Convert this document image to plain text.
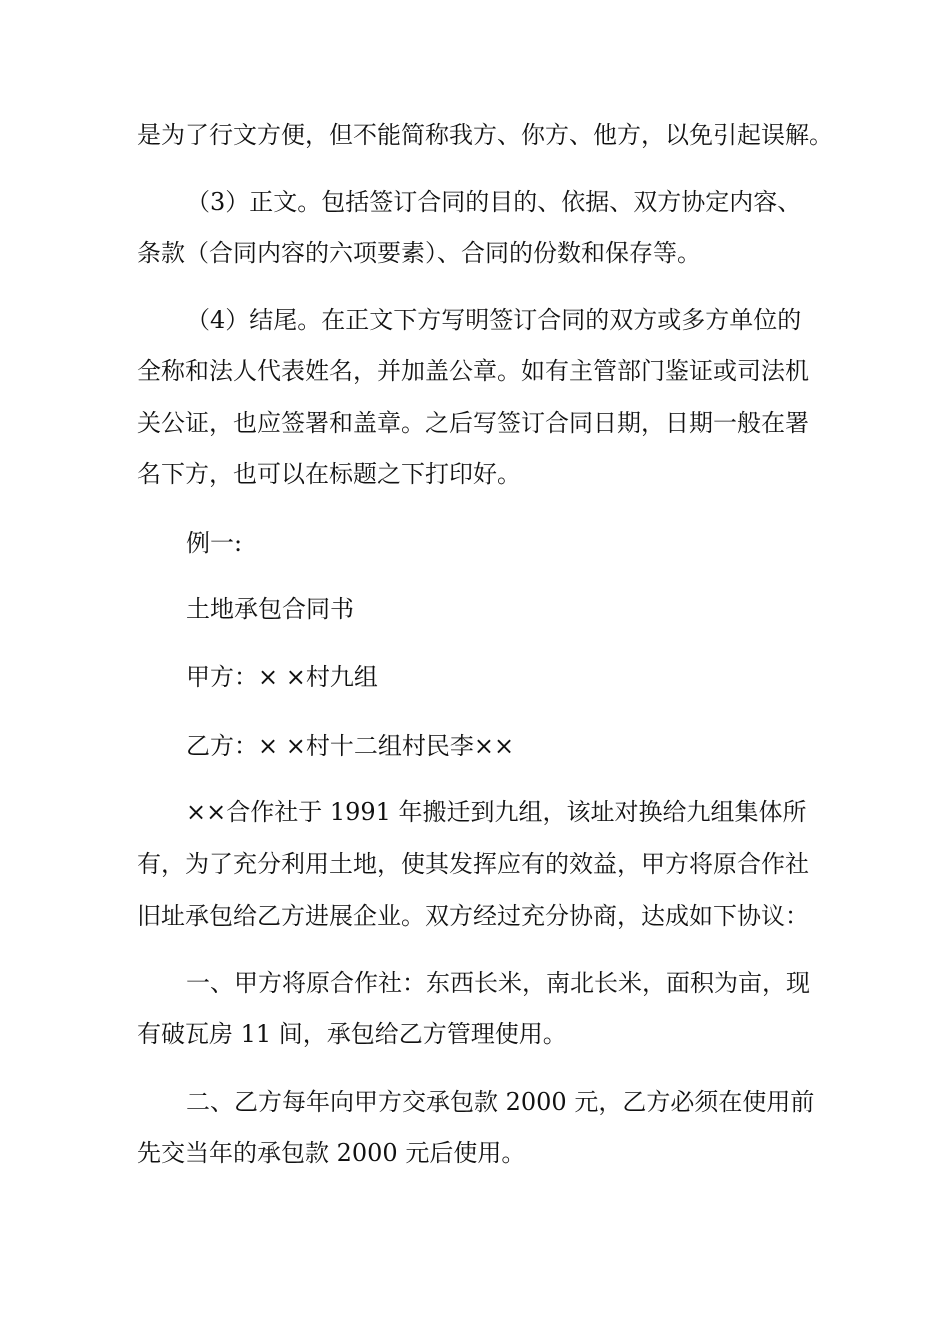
是为了行文方便，但不能简称我方、你方、他方，以免引起误解。
（3）正文。包括签订合同的目的、依据、双方协定内容、
条款（合同内容的六项要素）、合同的份数和保存等。
（4）结尾。在正文下方写明签订合同的双方或多方单位的
全称和法人代表姓名，并加盖公章。如有主管部门鉴证或司法机
关公证，也应签署和盖章。之后写签订合同日期，日期一般在署
名下方，也可以在标题之下打印好。
例一:
土地承包合同书
甲方：× ×村九组
乙方：× ×村十二组村民李××
××合作社于 1991 年搬迁到九组，该址对换给九组集体所
有，为了充分利用土地，使其发挥应有的效益，甲方将原合作社
旧址承包给乙方进展企业。双方经过充分协商，达成如下协议：
一、甲方将原合作社：东西长米，南北长米，面积为亩，现
有破瓦房 11 间，承包给乙方管理使用。
二、乙方每年向甲方交承包款 2000 元，乙方必须在使用前
先交当年的承包款 2000 元后使用。
